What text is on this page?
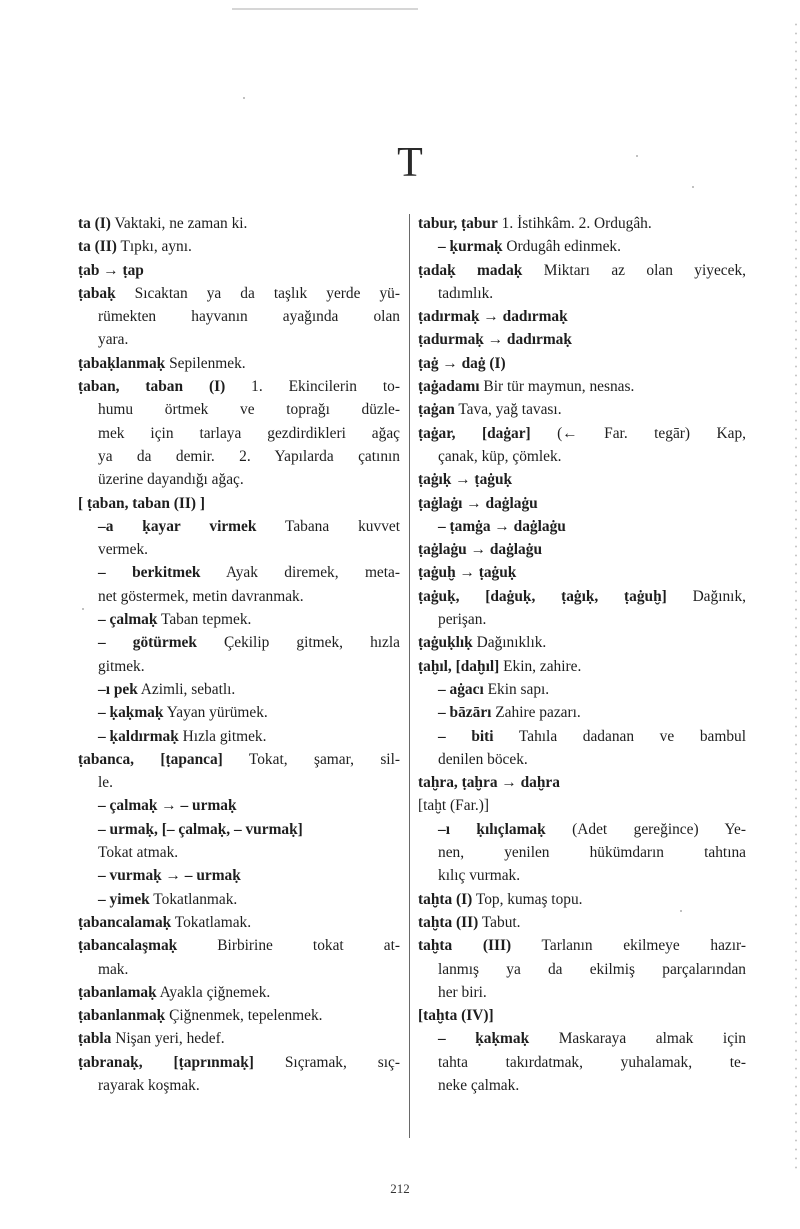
T
ta (I) Vaktaki, ne zaman ki.
ta (II) Tıpkı, aynı.
ṭab → ṭap
ṭabaḳ Sıcaktan ya da taşlık yerde yü-
rümekten hayvanın ayağında olan
yara.
ṭabaḳlanmaḳ Sepilenmek.
ṭaban, taban (I) 1. Ekincilerin to-
humu örtmek ve toprağı düzle-
mek için tarlaya gezdirdikleri ağaç
ya da demir. 2. Yapılarda çatının
üzerine dayandığı ağaç.
[ ṭaban, taban (II) ]
–a ḳayar virmek Tabana kuvvet
vermek.
– berkitmek Ayak diremek, meta-
net göstermek, metin davranmak.
– çalmaḳ Taban tepmek.
– götürmek Çekilip gitmek, hızla
gitmek.
–ı pek Azimli, sebatlı.
– ḳaḳmaḳ Yayan yürümek.
– ḳaldırmaḳ Hızla gitmek.
ṭabanca, [ṭapanca] Tokat, şamar, sil-
le.
– çalmaḳ → – urmaḳ
– urmaḳ, [– çalmaḳ, – vurmaḳ]
Tokat atmak.
– vurmaḳ → – urmaḳ
– yimek Tokatlanmak.
ṭabancalamaḳ Tokatlamak.
ṭabancalaşmaḳ Birbirine tokat at-
mak.
ṭabanlamaḳ Ayakla çiğnemek.
ṭabanlanmaḳ Çiğnenmek, tepelenmek.
ṭabla Nişan yeri, hedef.
ṭabranaḳ, [ṭaprınmaḳ] Sıçramak, sıç-
rayarak koşmak.
tabur, ṭabur 1. İstihkâm. 2. Ordugâh.
– ḳurmaḳ Ordugâh edinmek.
ṭadaḳ madaḳ Miktarı az olan yiyecek,
tadımlık.
ṭadırmaḳ → dadırmaḳ
ṭadurmaḳ → dadırmaḳ
ṭaġ → daġ (I)
ṭaġadamı Bir tür maymun, nesnas.
ṭaġan Tava, yağ tavası.
ṭaġar, [daġar] (← Far. tegār) Kap,
çanak, küp, çömlek.
ṭaġıḳ → ṭaġuḳ
ṭaġlaġı → daġlaġu
– ṭamġa → daġlaġu
ṭaġlaġu → daġlaġu
ṭaġuḫ → ṭaġuḳ
ṭaġuḳ, [daġuḳ, ṭaġıḳ, ṭaġuḫ] Dağınık,
perişan.
ṭaġuḳlıḳ Dağınıklık.
ṭaḫıl, [daḫıl] Ekin, zahire.
– aġacı Ekin sapı.
– bāzārı Zahire pazarı.
– biti Tahıla dadanan ve bambul
denilen böcek.
taḫra, ṭaḫra → daḫra
[taḫt (Far.)]
–ı ḳılıçlamaḳ (Adet gereğince) Ye-
nen, yenilen hükümdarın tahtına
kılıç vurmak.
taḫta (I) Top, kumaş topu.
taḫta (II) Tabut.
taḫta (III) Tarlanın ekilmeye hazır-
lanmış ya da ekilmiş parçalarından
her biri.
[taḫta (IV)]
– ḳaḳmaḳ Maskaraya almak için
tahta takırdatmak, yuhalamak, te-
neke çalmak.
212
